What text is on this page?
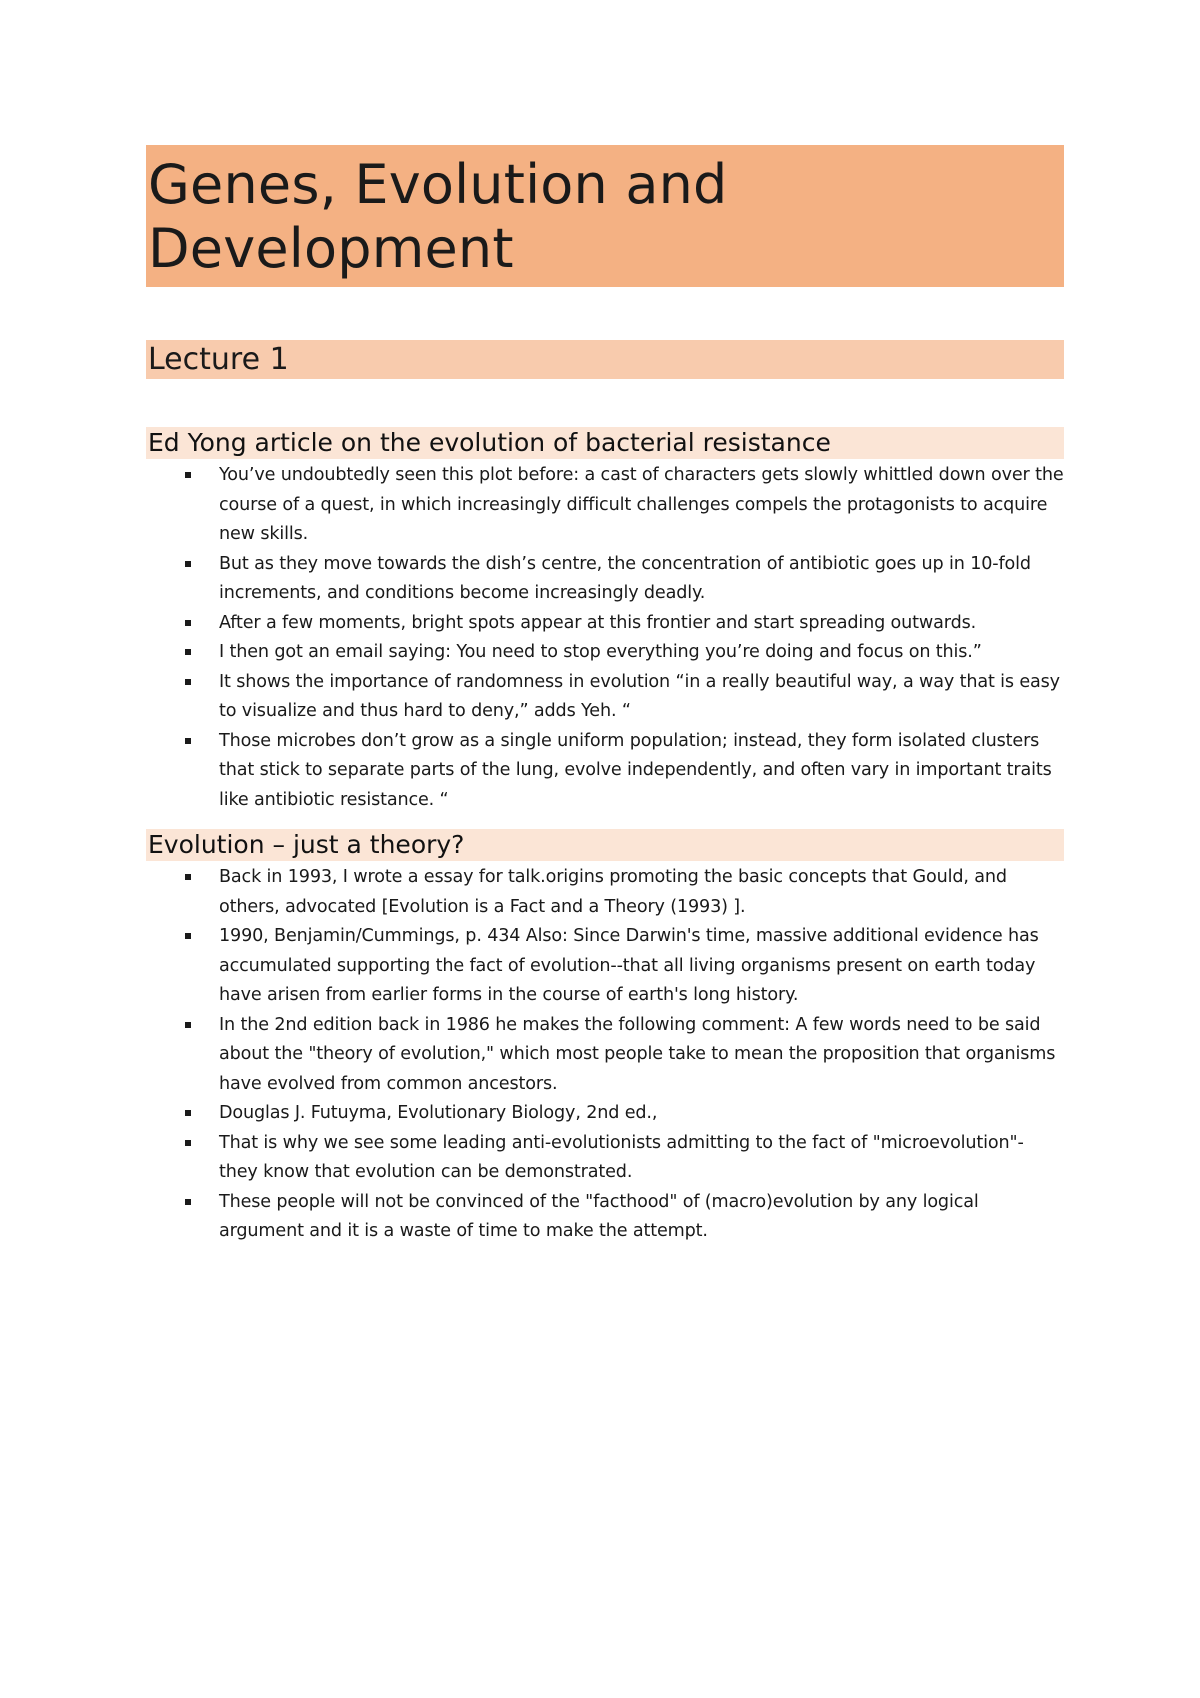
Genes, Evolution and Development
Lecture 1
Ed Yong article on the evolution of bacterial resistance
You’ve undoubtedly seen this plot before: a cast of characters gets slowly whittled down over the course of a quest, in which increasingly difficult challenges compels the protagonists to acquire new skills.
But as they move towards the dish’s centre, the concentration of antibiotic goes up in 10-fold increments, and conditions become increasingly deadly.
After a few moments, bright spots appear at this frontier and start spreading outwards.
I then got an email saying: You need to stop everything you’re doing and focus on this.”
It shows the importance of randomness in evolution “in a really beautiful way, a way that is easy to visualize and thus hard to deny,” adds Yeh. “
Those microbes don’t grow as a single uniform population; instead, they form isolated clusters that stick to separate parts of the lung, evolve independently, and often vary in important traits like antibiotic resistance. “
Evolution – just a theory?
Back in 1993, I wrote a essay for talk.origins promoting the basic concepts that Gould, and others, advocated [Evolution is a Fact and a Theory (1993) ].
1990, Benjamin/Cummings, p. 434 Also: Since Darwin's time, massive additional evidence has accumulated supporting the fact of evolution--that all living organisms present on earth today have arisen from earlier forms in the course of earth's long history.
In the 2nd edition back in 1986 he makes the following comment: A few words need to be said about the "theory of evolution," which most people take to mean the proposition that organisms have evolved from common ancestors.
Douglas J. Futuyma, Evolutionary Biology, 2nd ed.,
That is why we see some leading anti-evolutionists admitting to the fact of "microevolution"- they know that evolution can be demonstrated.
These people will not be convinced of the "facthood" of (macro)evolution by any logical argument and it is a waste of time to make the attempt.
